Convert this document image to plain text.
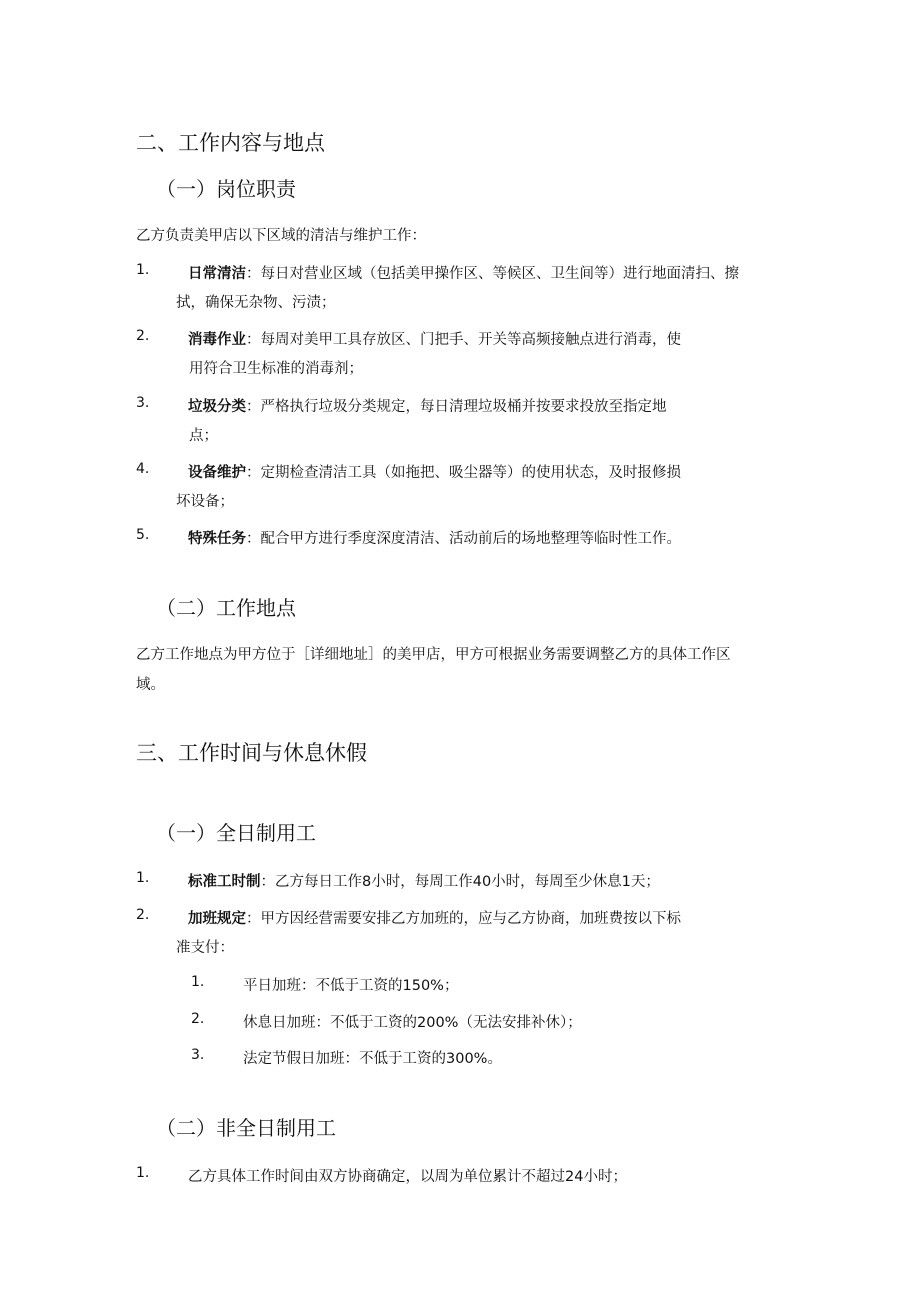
二、工作内容与地点
（一）岗位职责
乙方负责美甲店以下区域的清洁与维护工作：
1.	日常清洁：每日对营业区域（包括美甲操作区、等候区、卫生间等）进行地面清扫、擦
拭，确保无杂物、污渍；
2.	消毒作业：每周对美甲工具存放区、门把手、开关等高频接触点进行消毒，使
用符合卫生标准的消毒剂；
3.	垃圾分类：严格执行垃圾分类规定，每日清理垃圾桶并按要求投放至指定地
点；
4.	设备维护：定期检查清洁工具（如拖把、吸尘器等）的使用状态，及时报修损
坏设备；
5.	特殊任务：配合甲方进行季度深度清洁、活动前后的场地整理等临时性工作。
（二）工作地点
乙方工作地点为甲方位于［详细地址］的美甲店，甲方可根据业务需要调整乙方的具体工作区
域。
三、工作时间与休息休假
（一）全日制用工
1.	标准工时制：乙方每日工作8小时，每周工作40小时，每周至少休息1天；
2.	加班规定：甲方因经营需要安排乙方加班的，应与乙方协商，加班费按以下标
准支付：
1.	平日加班：不低于工资的150%；
2.	休息日加班：不低于工资的200%（无法安排补休）；
3.	法定节假日加班：不低于工资的300%。
（二）非全日制用工
1.	乙方具体工作时间由双方协商确定，以周为单位累计不超过24小时；
